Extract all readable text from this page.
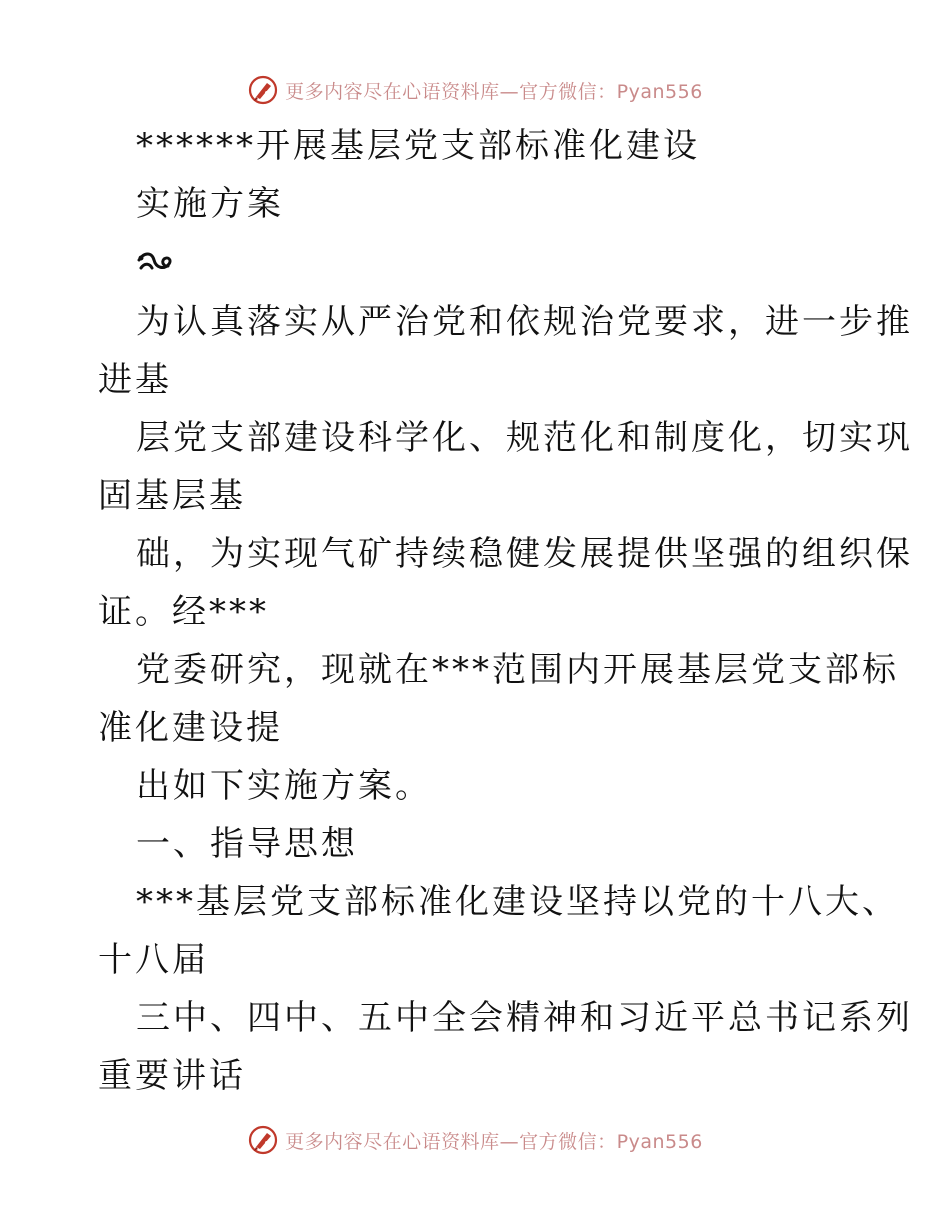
更多内容尽在心语资料库—官方微信：Pyan556
******开展基层党支部标准化建设
实施方案
为认真落实从严治党和依规治党要求，进一步推
进基
层党支部建设科学化、规范化和制度化，切实巩
固基层基
础，为实现气矿持续稳健发展提供坚强的组织保
证。经***
党委研究，现就在***范围内开展基层党支部标
准化建设提
出如下实施方案。
一、指导思想
***基层党支部标准化建设坚持以党的十八大、
十八届
三中、四中、五中全会精神和习近平总书记系列
重要讲话
更多内容尽在心语资料库—官方微信：Pyan556
